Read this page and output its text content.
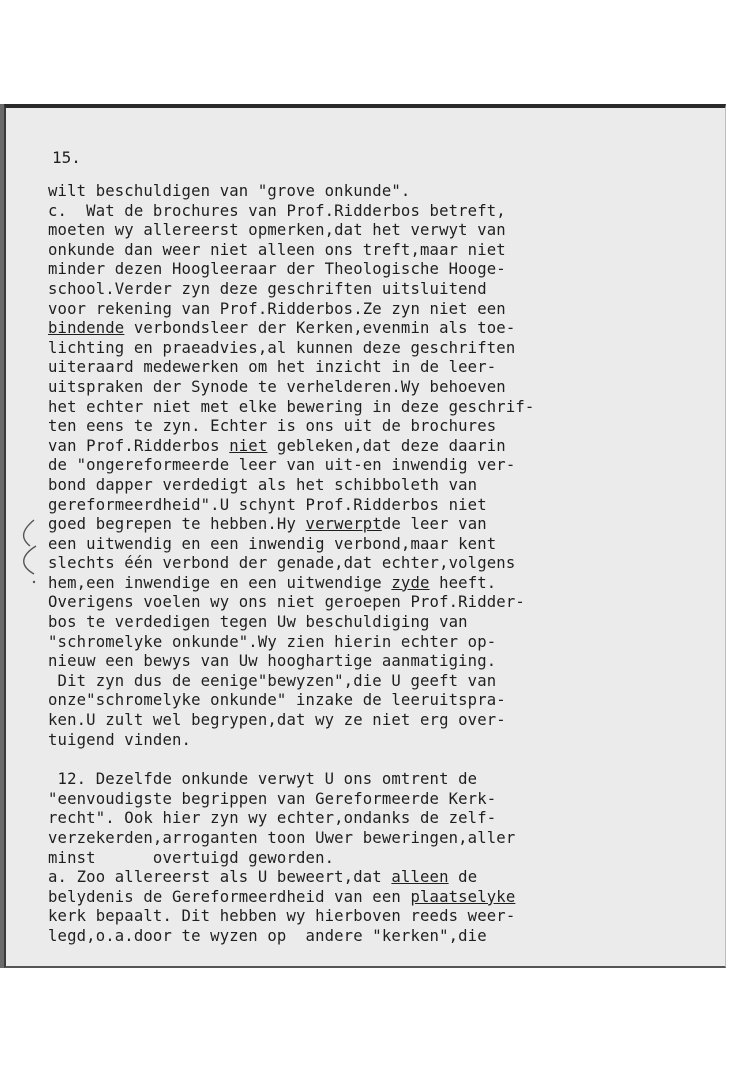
15.
wilt beschuldigen van "grove onkunde".
c.  Wat de brochures van Prof.Ridderbos betreft,
moeten wy allereerst opmerken,dat het verwyt van
onkunde dan weer niet alleen ons treft,maar niet
minder dezen Hoogleeraar der Theologische Hooge-
school.Verder zyn deze geschriften uitsluitend
voor rekening van Prof.Ridderbos.Ze zyn niet een
bindende verbondsleer der Kerken,evenmin als toe-
lichting en praeadvies,al kunnen deze geschriften
uiteraard medewerken om het inzicht in de leer-
uitspraken der Synode te verhelderen.Wy behoeven
het echter niet met elke bewering in deze geschrif-
ten eens te zyn. Echter is ons uit de brochures
van Prof.Ridderbos niet gebleken,dat deze daarin
de "ongereformeerde leer van uit-en inwendig ver-
bond dapper verdedigt als het schibboleth van
gereformeerdheid".U schynt Prof.Ridderbos niet
goed begrepen te hebben.Hy verwerptde leer van
een uitwendig en een inwendig verbond,maar kent
slechts één verbond der genade,dat echter,volgens
hem,een inwendige en een uitwendige zyde heeft.
Overigens voelen wy ons niet geroepen Prof.Ridder-
bos te verdedigen tegen Uw beschuldiging van
"schromelyke onkunde".Wy zien hierin echter op-
nieuw een bewys van Uw hooghartige aanmatiging.
Dit zyn dus de eenige"bewyzen",die U geeft van
onze"schromelyke onkunde" inzake de leeruitspra-
ken.U zult wel begrypen,dat wy ze niet erg over-
tuigend vinden.
12. Dezelfde onkunde verwyt U ons omtrent de
"eenvoudigste begrippen van Gereformeerde Kerk-
recht". Ook hier zyn wy echter,ondanks de zelf-
verzekerden,arroganten toon Uwer beweringen,aller
minst      overtuigd geworden.
a. Zoo allereerst als U beweert,dat alleen de
belydenis de Gereformeerdheid van een plaatselyke
kerk bepaalt. Dit hebben wy hierboven reeds weer-
legd,o.a.door te wyzen op  andere "kerken",die
